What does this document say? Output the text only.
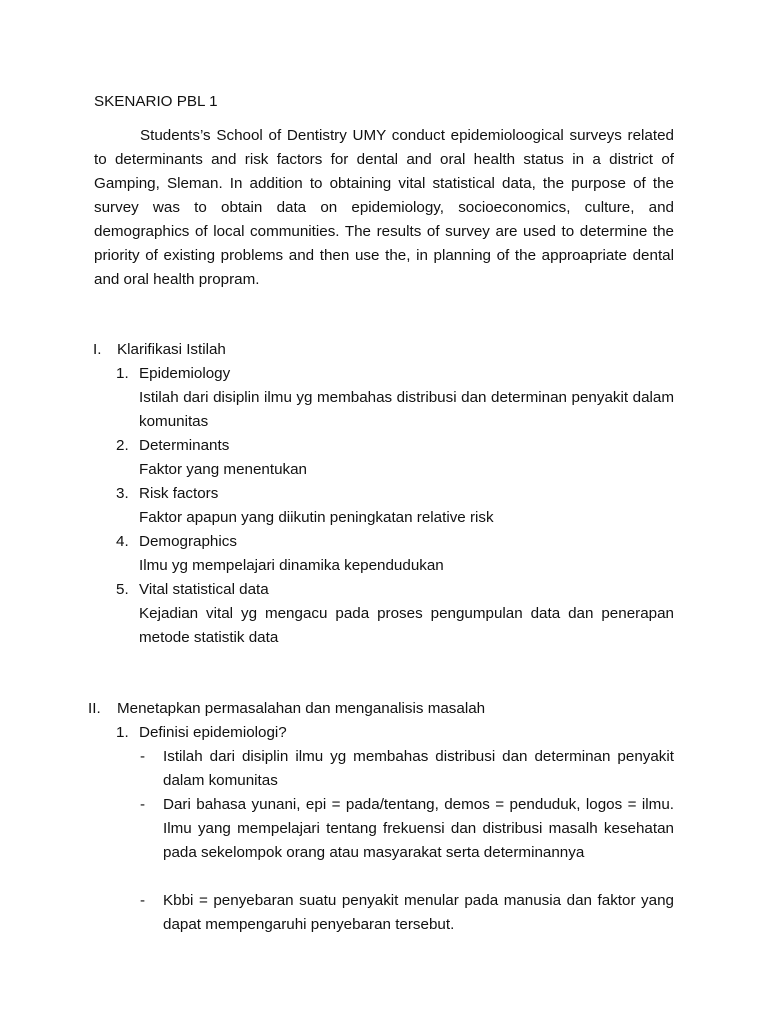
SKENARIO PBL 1

Students’s School of Dentistry UMY conduct epidemioloogical surveys related to determinants and risk factors for dental and oral health status in a district of Gamping, Sleman. In addition to obtaining vital statistical data, the purpose of the survey was to obtain data on epidemiology, socioeconomics, culture, and demographics of local communities. The results of survey are used to determine the priority of existing problems and then use the, in planning of the approapriate dental and oral health propram.

I. Klarifikasi Istilah
1. Epidemiology

Istilah dari disiplin ilmu yg membahas distribusi dan determinan penyakit dalam komunitas

2. Determinants

Faktor yang menentukan

3. Risk factors

Faktor apapun yang diikutin peningkatan relative risk

4. Demographics

Ilmu yg mempelajari dinamika kependudukan

5. Vital statistical data

Kejadian vital yg mengacu pada proses pengumpulan data dan penerapan metode statistik data

II. Menetapkan permasalahan dan menganalisis masalah
1. Definisi epidemiologi?
- Istilah dari disiplin ilmu yg membahas distribusi dan determinan penyakit dalam komunitas

- Dari bahasa yunani, epi = pada/tentang, demos = penduduk, logos = ilmu. Ilmu yang mempelajari tentang frekuensi dan distribusi masalh kesehatan pada sekelompok orang atau masyarakat serta determinannya

- Kbbi = penyebaran suatu penyakit menular pada manusia dan faktor yang dapat mempengaruhi penyebaran tersebut.
